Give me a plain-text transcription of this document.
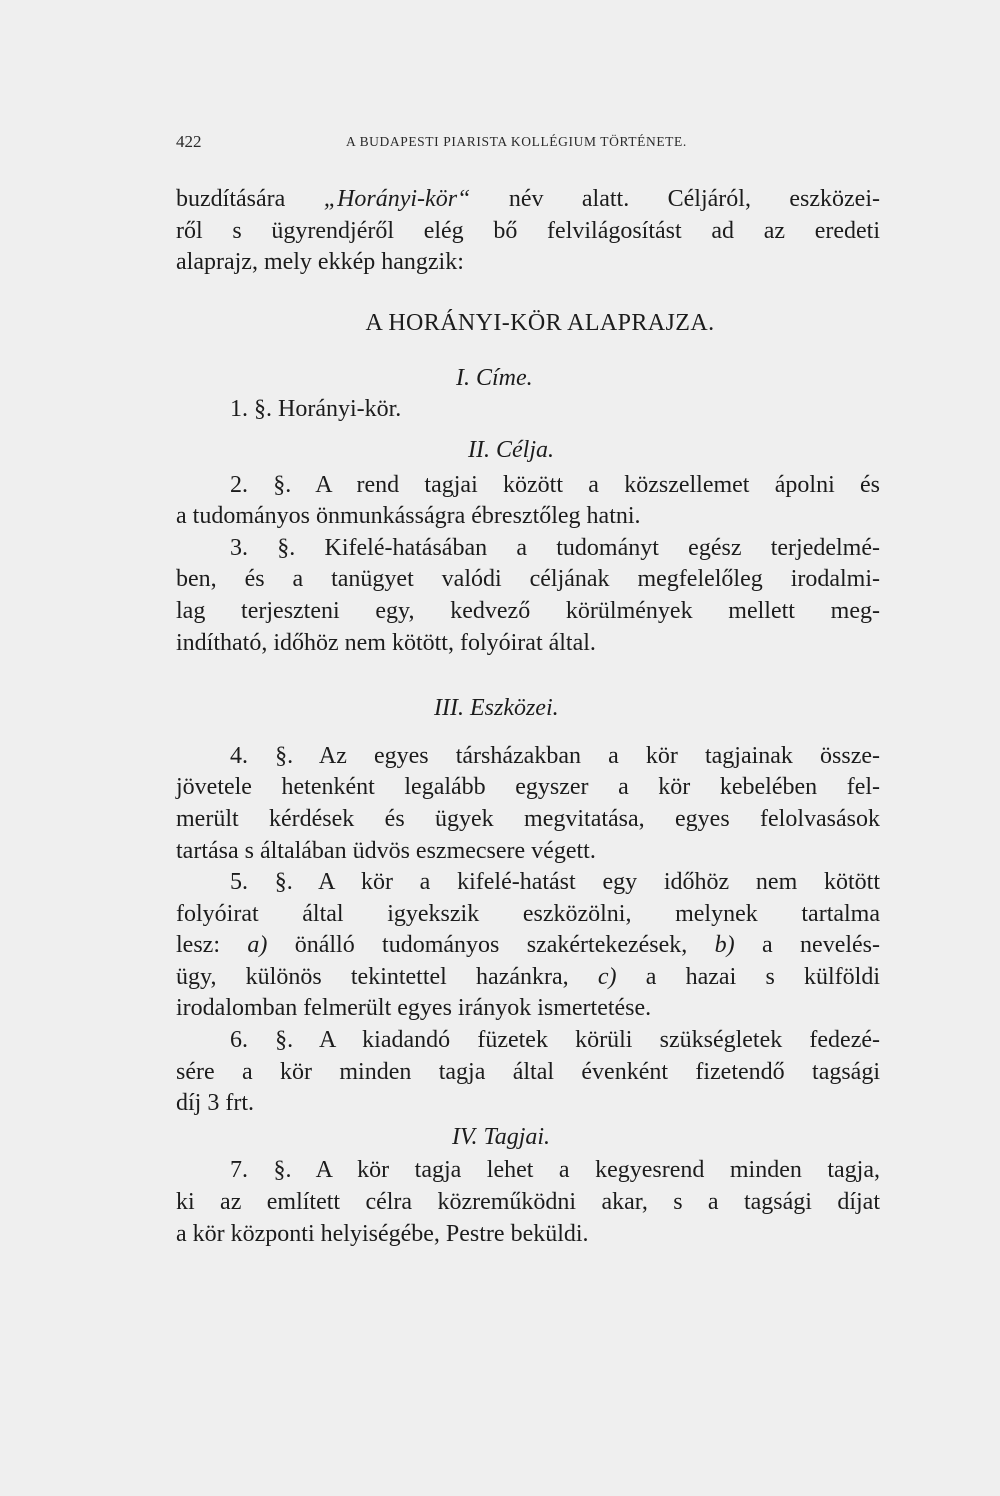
422	A BUDAPESTI PIARISTA KOLLÉGIUM TÖRTÉNETE.

buzdítására „Horányi-kör“ név alatt. Céljáról, eszközei-

ről s ügyrendjéről elég bő felvilágosítást ad az eredeti

alaprajz, mely ekkép hangzik:

A HORÁNYI-KÖR ALAPRAJZA.

I. Címe.

1. §. Horányi-kör.

II. Célja.

2. §. A rend tagjai között a közszellemet ápolni és

a tudományos önmunkásságra ébresztőleg hatni.

3. §. Kifelé-hatásában a tudományt egész terjedelmé-

ben, és a tanügyet valódi céljának megfelelőleg irodalmi-

lag terjeszteni egy, kedvező körülmények mellett meg-

indítható, időhöz nem kötött, folyóirat által.

III. Eszközei.

4. §. Az egyes társházakban a kör tagjainak össze-

jövetele hetenként legalább egyszer a kör kebelében fel-

merült kérdések és ügyek megvitatása, egyes felolvasások

tartása s általában üdvös eszmecsere végett.

5. §. A kör a kifelé-hatást egy időhöz nem kötött

folyóirat által igyekszik eszközölni, melynek tartalma

lesz: a) önálló tudományos szakértekezések, b) a nevelés-

ügy, különös tekintettel hazánkra, c) a hazai s külföldi

irodalomban felmerült egyes irányok ismertetése.

6. §. A kiadandó füzetek körüli szükségletek fedezé-

sére a kör minden tagja által évenként fizetendő tagsági

díj 3 frt.

IV. Tagjai.

7. §. A kör tagja lehet a kegyesrend minden tagja,

ki az említett célra közreműködni akar, s a tagsági díjat

a kör központi helyiségébe, Pestre beküldi.
